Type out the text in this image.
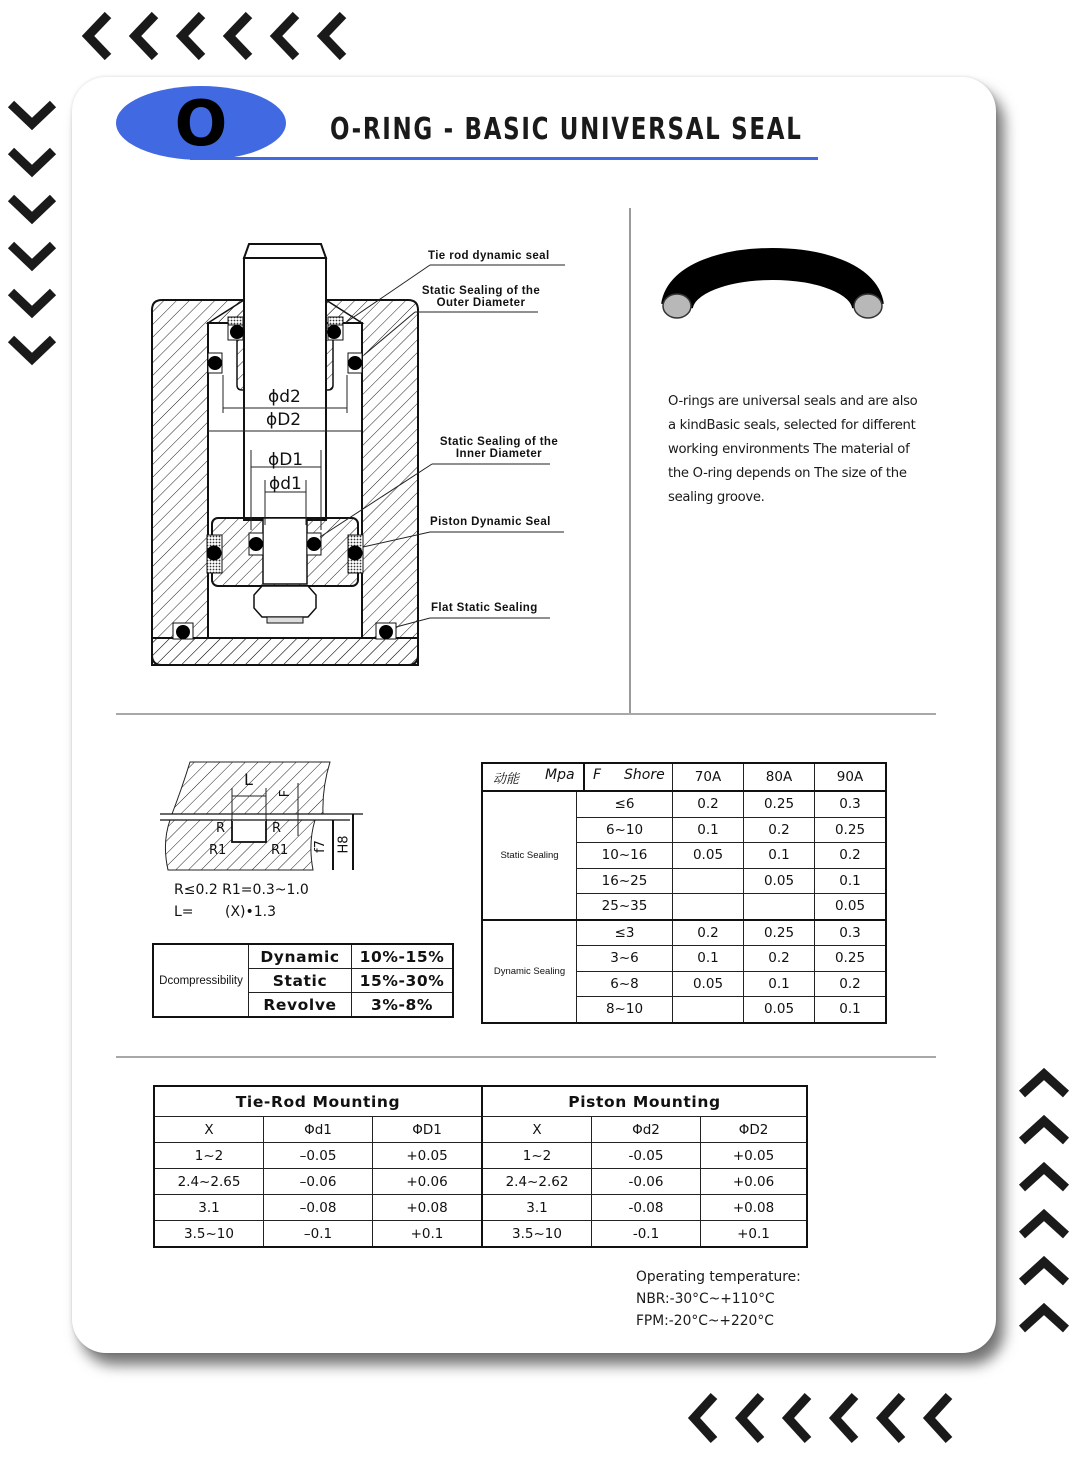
O	O-RING - BASIC UNIVERSAL SEAL
ϕd2
ϕD2
ϕD1
ϕd1
Tie rod dynamic seal
Static Sealing of the
Outer Diameter
Static Sealing of the
Inner Diameter
Piston Dynamic Seal
Flat Static Sealing
O-rings are universal seals and are also a kindBasic seals, selected for different working environments The material of the O-ring depends on The size of the sealing groove.
L
F
R	R
R1	R1 f7 H8
R≤0.2 R1=0.3~1.0
L= (X)•1.3
Dcompressibility	Dynamic	10%-15%
	Static	15%-30%
	Revolve	3%-8%
动能 Mpa F Shore		70A	80A	90A
Static Sealing	≤6	0.2	0.25	0.3
	6~10	0.1	0.2	0.25
	10~16	0.05	0.1	0.2
	16~25		0.05	0.1
	25~35			0.05
Dynamic Sealing	≤3	0.2	0.25	0.3
	3~6	0.1	0.2	0.25
	6~8	0.05	0.1	0.2
	8~10		0.05	0.1
Tie-Rod Mounting			Piston Mounting		
X	Φd1	ΦD1	X	Φd2	ΦD2
1~2	–0.05	+0.05	1~2	-0.05	+0.05
2.4~2.65	–0.06	+0.06	2.4~2.62	-0.06	+0.06
3.1	–0.08	+0.08	3.1	-0.08	+0.08
3.5~10	–0.1	+0.1	3.5~10	-0.1	+0.1
Operating temperature:
NBR:-30°C~+110°C
FPM:-20°C~+220°C
